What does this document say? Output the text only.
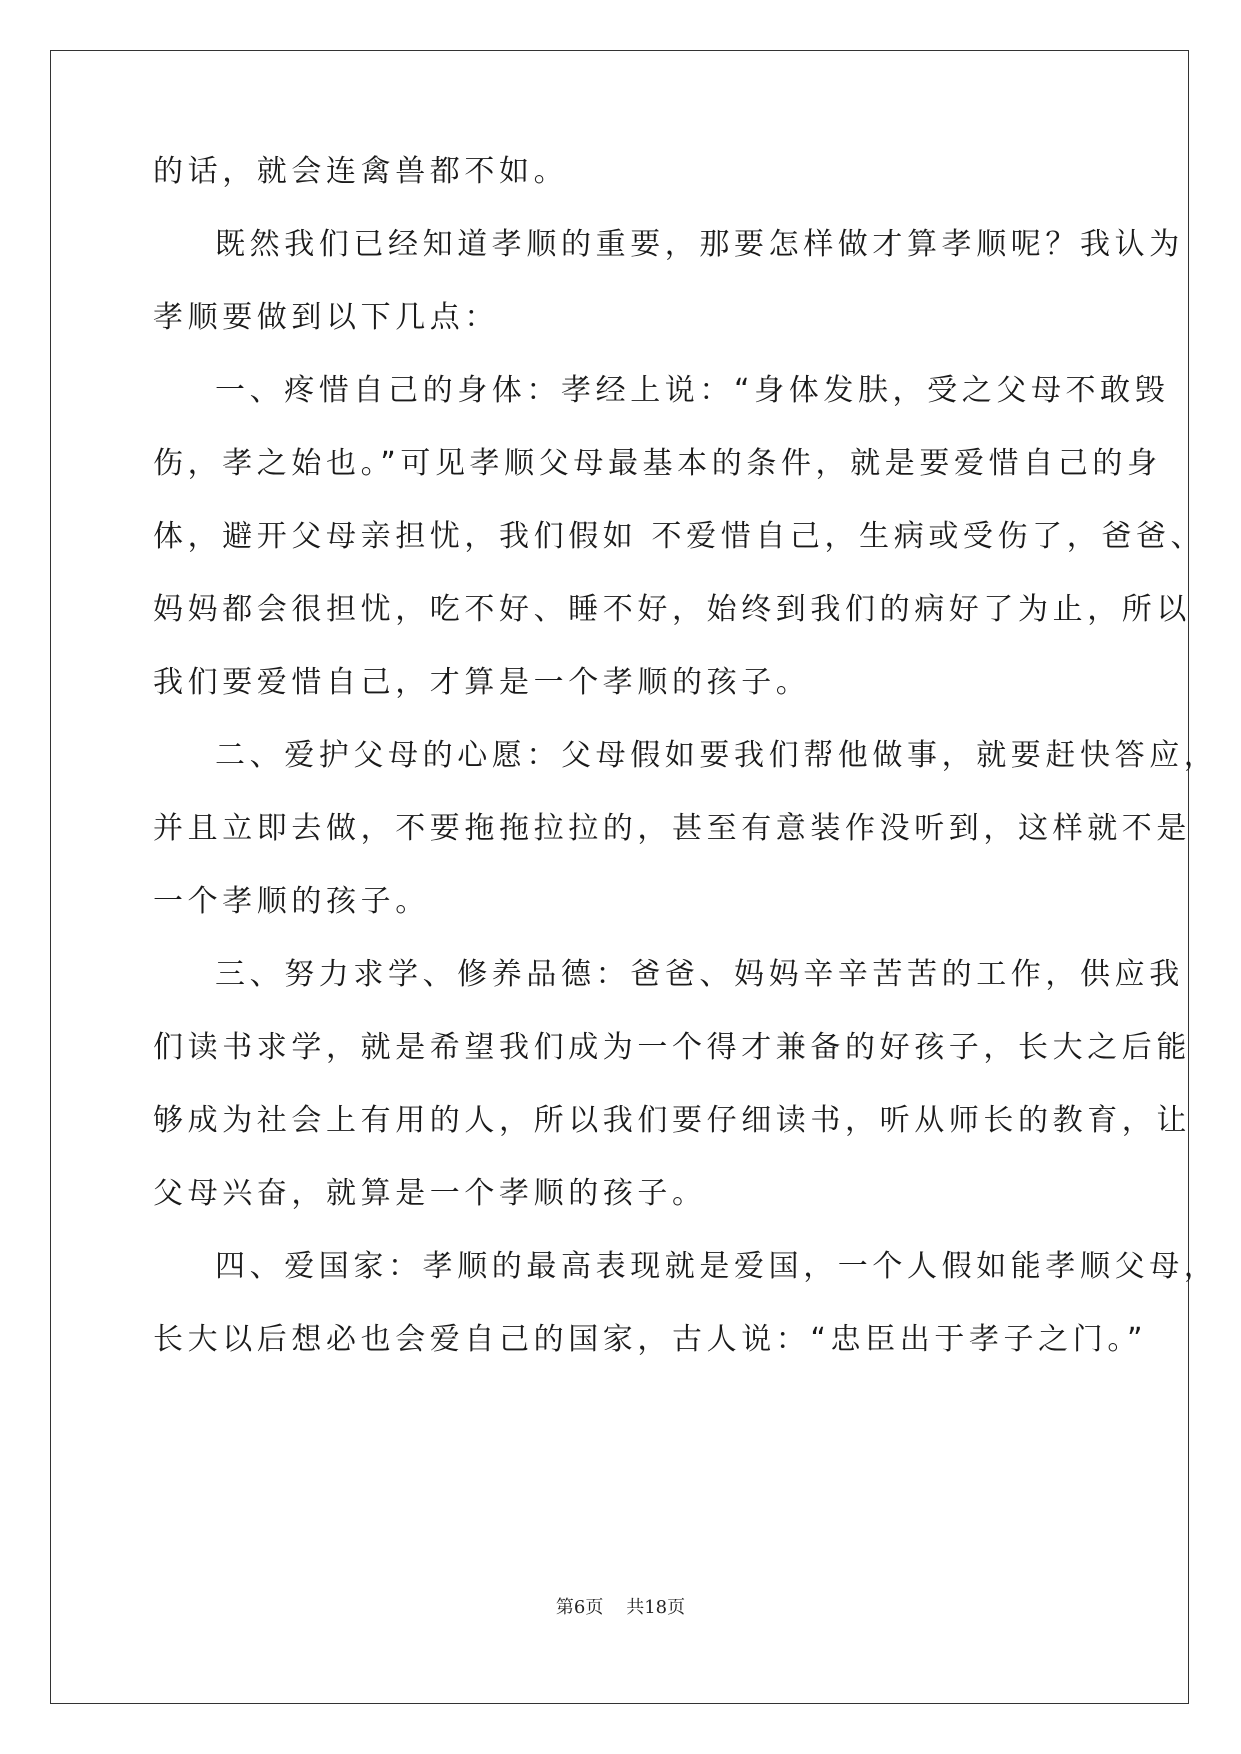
的话，就会连禽兽都不如。
既然我们已经知道孝顺的重要，那要怎样做才算孝顺呢？我认为
孝顺要做到以下几点：
一、疼惜自己的身体：孝经上说：“身体发肤，受之父母不敢毁
伤，孝之始也。”可见孝顺父母最基本的条件，就是要爱惜自己的身
体，避开父母亲担忧，我们假如 不爱惜自己，生病或受伤了，爸爸、
妈妈都会很担忧，吃不好、睡不好，始终到我们的病好了为止，所以
我们要爱惜自己，才算是一个孝顺的孩子。
二、爱护父母的心愿：父母假如要我们帮他做事，就要赶快答应，
并且立即去做，不要拖拖拉拉的，甚至有意装作没听到，这样就不是
一个孝顺的孩子。
三、努力求学、修养品德：爸爸、妈妈辛辛苦苦的工作，供应我
们读书求学，就是希望我们成为一个得才兼备的好孩子，长大之后能
够成为社会上有用的人，所以我们要仔细读书，听从师长的教育，让
父母兴奋，就算是一个孝顺的孩子。
四、爱国家：孝顺的最高表现就是爱国，一个人假如能孝顺父母，
长大以后想必也会爱自己的国家，古人说：“忠臣出于孝子之门。”
第6页 共18页
